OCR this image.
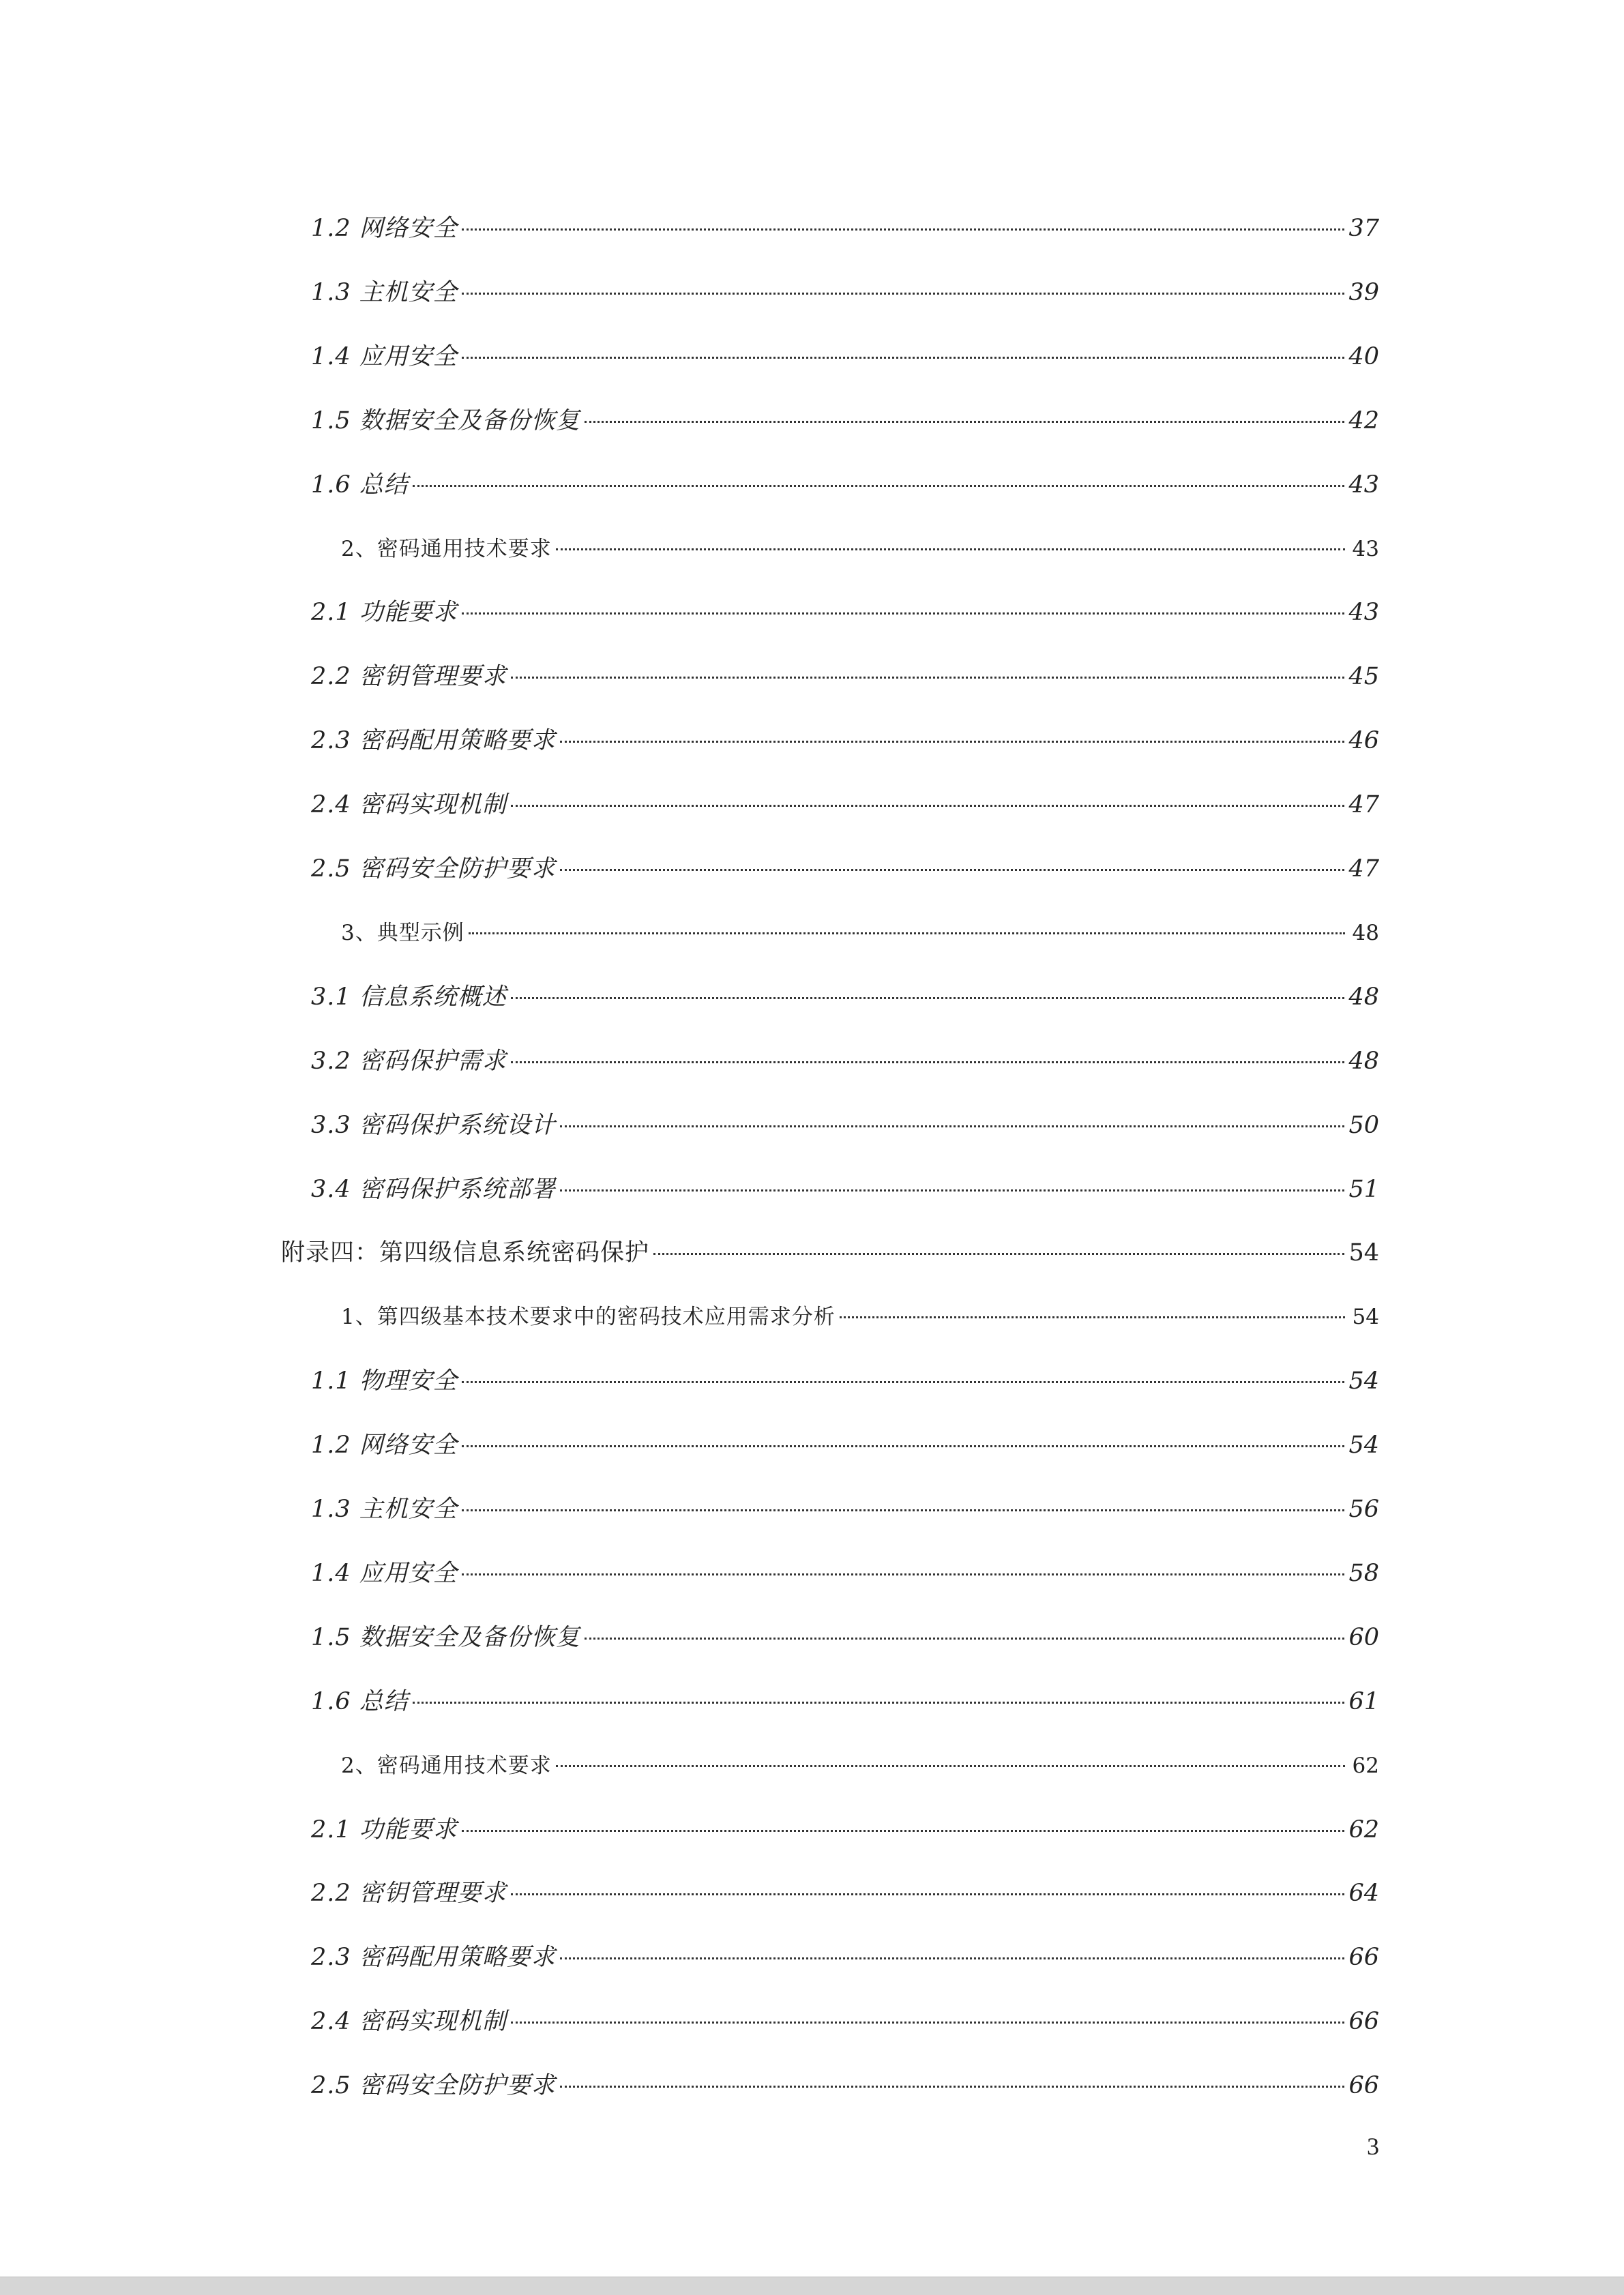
1.2 网络安全	37
1.3 主机安全	39
1.4 应用安全	40
1.5 数据安全及备份恢复	42
1.6 总结	43
2、密码通用技术要求	43
2.1 功能要求	43
2.2 密钥管理要求	45
2.3 密码配用策略要求	46
2.4 密码实现机制	47
2.5 密码安全防护要求	47
3、典型示例	48
3.1 信息系统概述	48
3.2 密码保护需求	48
3.3 密码保护系统设计	50
3.4 密码保护系统部署	51
附录四：第四级信息系统密码保护	54
1、第四级基本技术要求中的密码技术应用需求分析	54
1.1 物理安全	54
1.2 网络安全	54
1.3 主机安全	56
1.4 应用安全	58
1.5 数据安全及备份恢复	60
1.6 总结	61
2、密码通用技术要求	62
2.1 功能要求	62
2.2 密钥管理要求	64
2.3 密码配用策略要求	66
2.4 密码实现机制	66
2.5 密码安全防护要求	66
3
